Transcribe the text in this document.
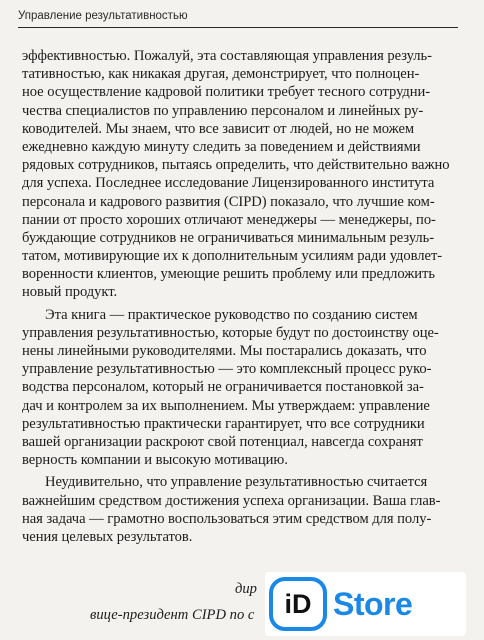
Управление результативностью
эффективностью. Пожалуй, эта составляющая управления резуль-
тативностью, как никакая другая, демонстрирует, что полноцен-
ное осуществление кадровой политики требует тесного сотрудни-
чества специалистов по управлению персоналом и линейных ру-
ководителей. Мы знаем, что все зависит от людей, но не можем
ежедневно каждую минуту следить за поведением и действиями
рядовых сотрудников, пытаясь определить, что действительно важно
для успеха. Последнее исследование Лицензированного института
персонала и кадрового развития (CIPD) показало, что лучшие ком-
пании от просто хороших отличают менеджеры — менеджеры, по-
буждающие сотрудников не ограничиваться минимальным резуль-
татом, мотивирующие их к дополнительным усилиям ради удовлет-
воренности клиентов, умеющие решить проблему или предложить
новый продукт.
Эта книга — практическое руководство по созданию систем
управления результативностью, которые будут по достоинству оце-
нены линейными руководителями. Мы постарались доказать, что
управление результативностью — это комплексный процесс руко-
водства персоналом, который не ограничивается постановкой за-
дач и контролем за их выполнением. Мы утверждаем: управление
результативностью практически гарантирует, что все сотрудники
вашей организации раскроют свой потенциал, навсегда сохранят
верность компании и высокую мотивацию.
Неудивительно, что управление результативностью считается
важнейшим средством достижения успеха организации. Ваша глав-
ная задача — грамотно воспользоваться этим средством для полу-
чения целевых результатов.
дир
вице-президент CIPD по с	iD Store
